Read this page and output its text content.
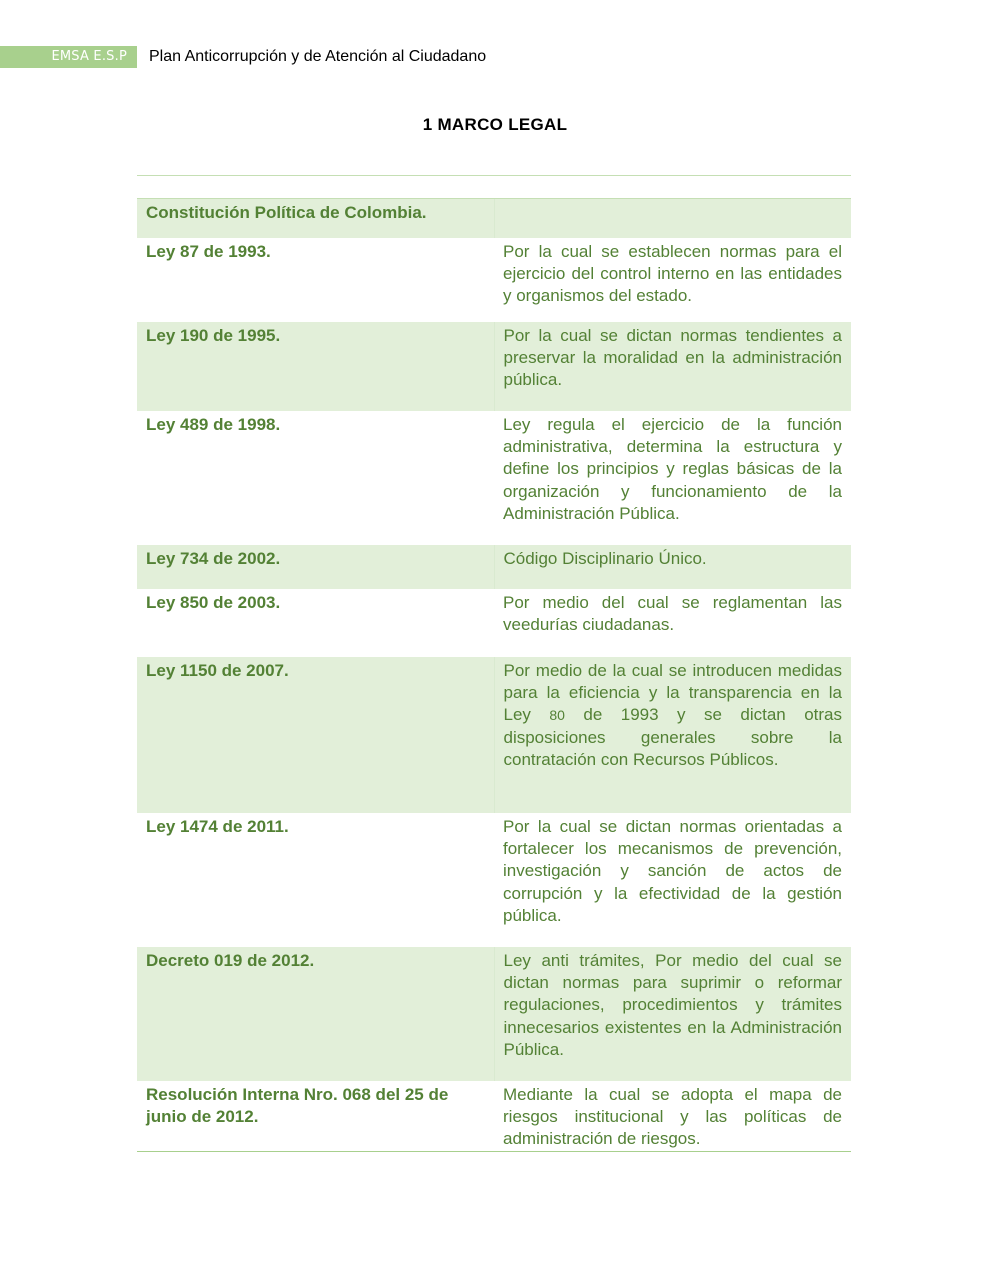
EMSA E.S.P	Plan Anticorrupción y de Atención al Ciudadano
1 MARCO LEGAL
Constitución Política de Colombia.	
Ley 87 de 1993.	Por la cual se establecen normas para el ejercicio del control interno en las entidades y organismos del estado.
Ley 190 de 1995.	Por la cual se dictan normas tendientes a preservar la moralidad en la administración pública.
Ley 489 de 1998.	Ley regula el ejercicio de la función administrativa, determina la estructura y define los principios y reglas básicas de la organización y funcionamiento de la Administración Pública.
Ley 734 de 2002.	Código Disciplinario Único.
Ley 850 de 2003.	Por medio del cual se reglamentan las veedurías ciudadanas.
Ley 1150 de 2007.	Por medio de la cual se introducen medidas para la eficiencia y la transparencia en la Ley 80 de 1993 y se dictan otras disposiciones generales sobre la contratación con Recursos Públicos.
Ley 1474 de 2011.	Por la cual se dictan normas orientadas a fortalecer los mecanismos de prevención, investigación y sanción de actos de corrupción y la efectividad de la gestión pública.
Decreto 019 de 2012.	Ley anti trámites, Por medio del cual se dictan normas para suprimir o reformar regulaciones, procedimientos y trámites innecesarios existentes en la Administración Pública.
Resolución Interna Nro. 068 del 25 de junio de 2012.	Mediante la cual se adopta el mapa de riesgos institucional y las políticas de administración de riesgos.
